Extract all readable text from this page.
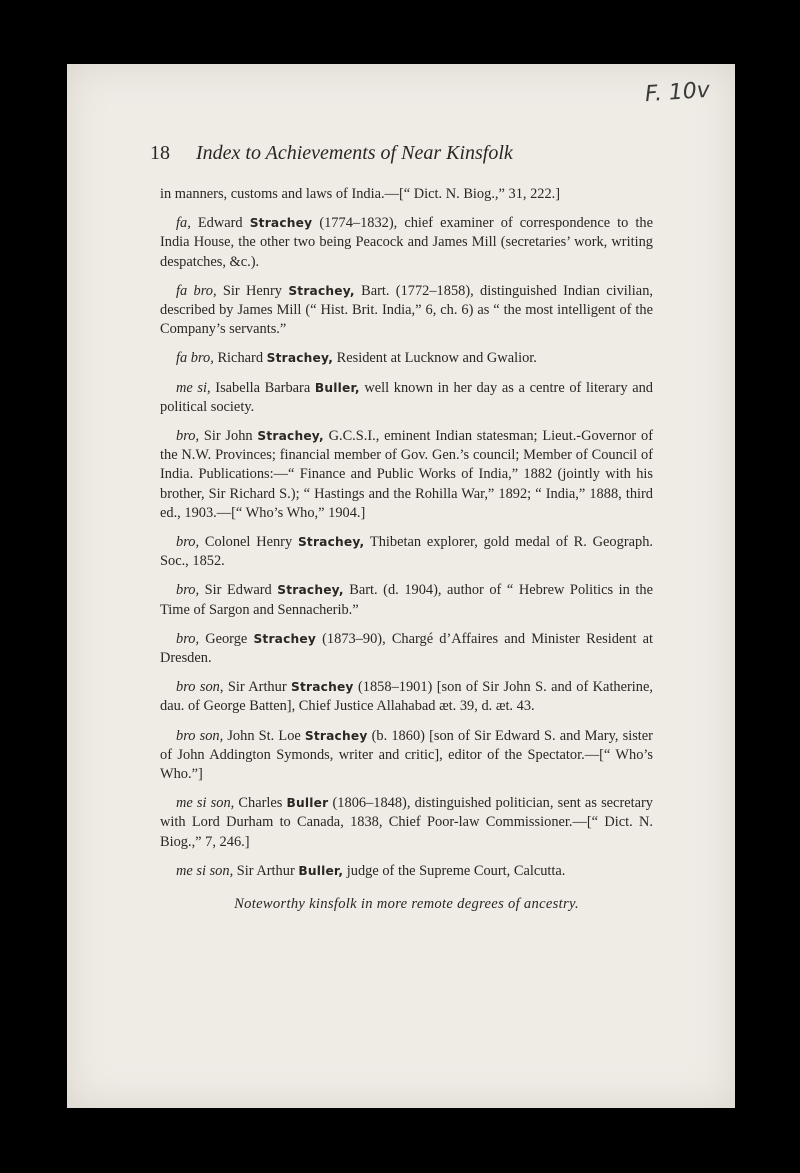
F. 10v
18 Index to Achievements of Near Kinsfolk

in manners, customs and laws of India.—[“ Dict. N. Biog.,” 31, 222.]

fa, Edward Strachey (1774–1832), chief examiner of correspondence to the India House, the other two being Peacock and James Mill (secretaries’ work, writing despatches, &c.).

fa bro, Sir Henry Strachey, Bart. (1772–1858), distinguished Indian civilian, described by James Mill (“ Hist. Brit. India,” 6, ch. 6) as “ the most intelligent of the Company’s servants.”

fa bro, Richard Strachey, Resident at Lucknow and Gwalior.

me si, Isabella Barbara Buller, well known in her day as a centre of literary and political society.

bro, Sir John Strachey, G.C.S.I., eminent Indian statesman; Lieut.-Governor of the N.W. Provinces; financial member of Gov. Gen.’s council; Member of Council of India. Publications:—“ Finance and Public Works of India,” 1882 (jointly with his brother, Sir Richard S.); “ Hastings and the Rohilla War,” 1892; “ India,” 1888, third ed., 1903.—[“ Who’s Who,” 1904.]

bro, Colonel Henry Strachey, Thibetan explorer, gold medal of R. Geograph. Soc., 1852.

bro, Sir Edward Strachey, Bart. (d. 1904), author of “ Hebrew Politics in the Time of Sargon and Sennacherib.”

bro, George Strachey (1873–90), Chargé d’Affaires and Minister Resident at Dresden.

bro son, Sir Arthur Strachey (1858–1901) [son of Sir John S. and of Katherine, dau. of George Batten], Chief Justice Allahabad æt. 39, d. æt. 43.

bro son, John St. Loe Strachey (b. 1860) [son of Sir Edward S. and Mary, sister of John Addington Symonds, writer and critic], editor of the Spectator.—[“ Who’s Who.”]

me si son, Charles Buller (1806–1848), distinguished politician, sent as secretary with Lord Durham to Canada, 1838, Chief Poor-law Commissioner.—[“ Dict. N. Biog.,” 7, 246.]

me si son, Sir Arthur Buller, judge of the Supreme Court, Calcutta.

Noteworthy kinsfolk in more remote degrees of ancestry.
